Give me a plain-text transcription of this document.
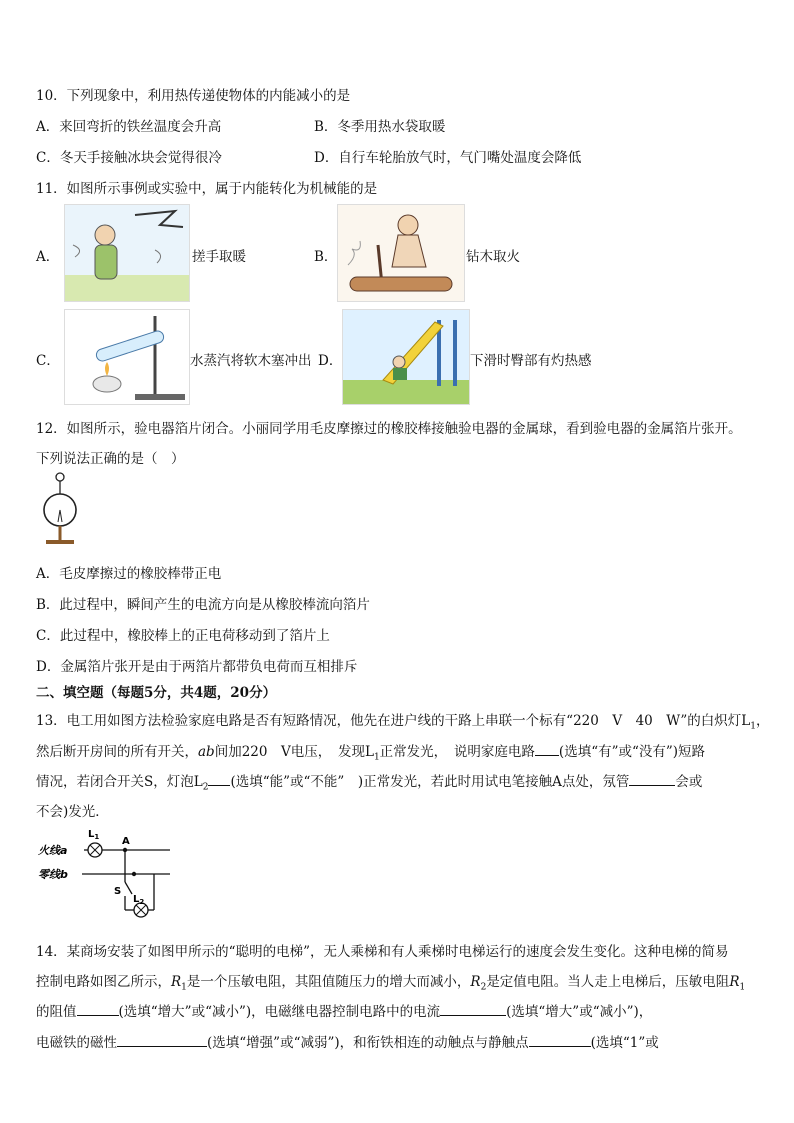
10．下列现象中，利用热传递使物体的内能减小的是
A．来回弯折的铁丝温度会升高	B．冬季用热水袋取暖
C．冬天手接触冰块会觉得很冷	D．自行车轮胎放气时，气门嘴处温度会降低
11．如图所示事例或实验中，属于内能转化为机械能的是
A．	搓手取暖	B．	钻木取火
C．	水蒸汽将软木塞冲出 D．	下滑时臀部有灼热感
12．如图所示，验电器箔片闭合。小丽同学用毛皮摩擦过的橡胶棒接触验电器的金属球，看到验电器的金属箔片张开。
下列说法正确的是（　）
A．毛皮摩擦过的橡胶棒带正电
B．此过程中，瞬间产生的电流方向是从橡胶棒流向箔片
C．此过程中，橡胶棒上的正电荷移动到了箔片上
D．金属箔片张开是由于两箔片都带负电荷而互相排斥
二、填空题（每题5分，共4题，20分）
13．电工用如图方法检验家庭电路是否有短路情况，他先在进户线的干路上串联一个标有“220　V　40　W”的白炽灯$L_1$，
然后断开房间的所有开关，ab间加220　V电压，　发现$L_1$正常发光，　说明家庭电路 (选填“有”或“没有”)短路
情况，若闭合开关S，灯泡$L_2$ (选填“能”或“不能”　)正常发光，若此时用试电笔接触A点处，氖管	会或
不会)发光．
火线a
零线b
$L_1$ A
S
$L_2$
14．某商场安装了如图甲所示的“聪明的电梯”，无人乘梯和有人乘梯时电梯运行的速度会发生变化。这种电梯的简易
控制电路如图乙所示，$R_1$是一个压敏电阻，其阻值随压力的增大而减小，$R_2$是定值电阻。当人走上电梯后，压敏电阻$R_1$
的阻值	(选填“增大”或“减小”)，电磁继电器控制电路中的电流	(选填“增大”或“减小”)，
电磁铁的磁性	(选填“增强”或“减弱”)，和衔铁相连的动触点与静触点	(选填“1”或
